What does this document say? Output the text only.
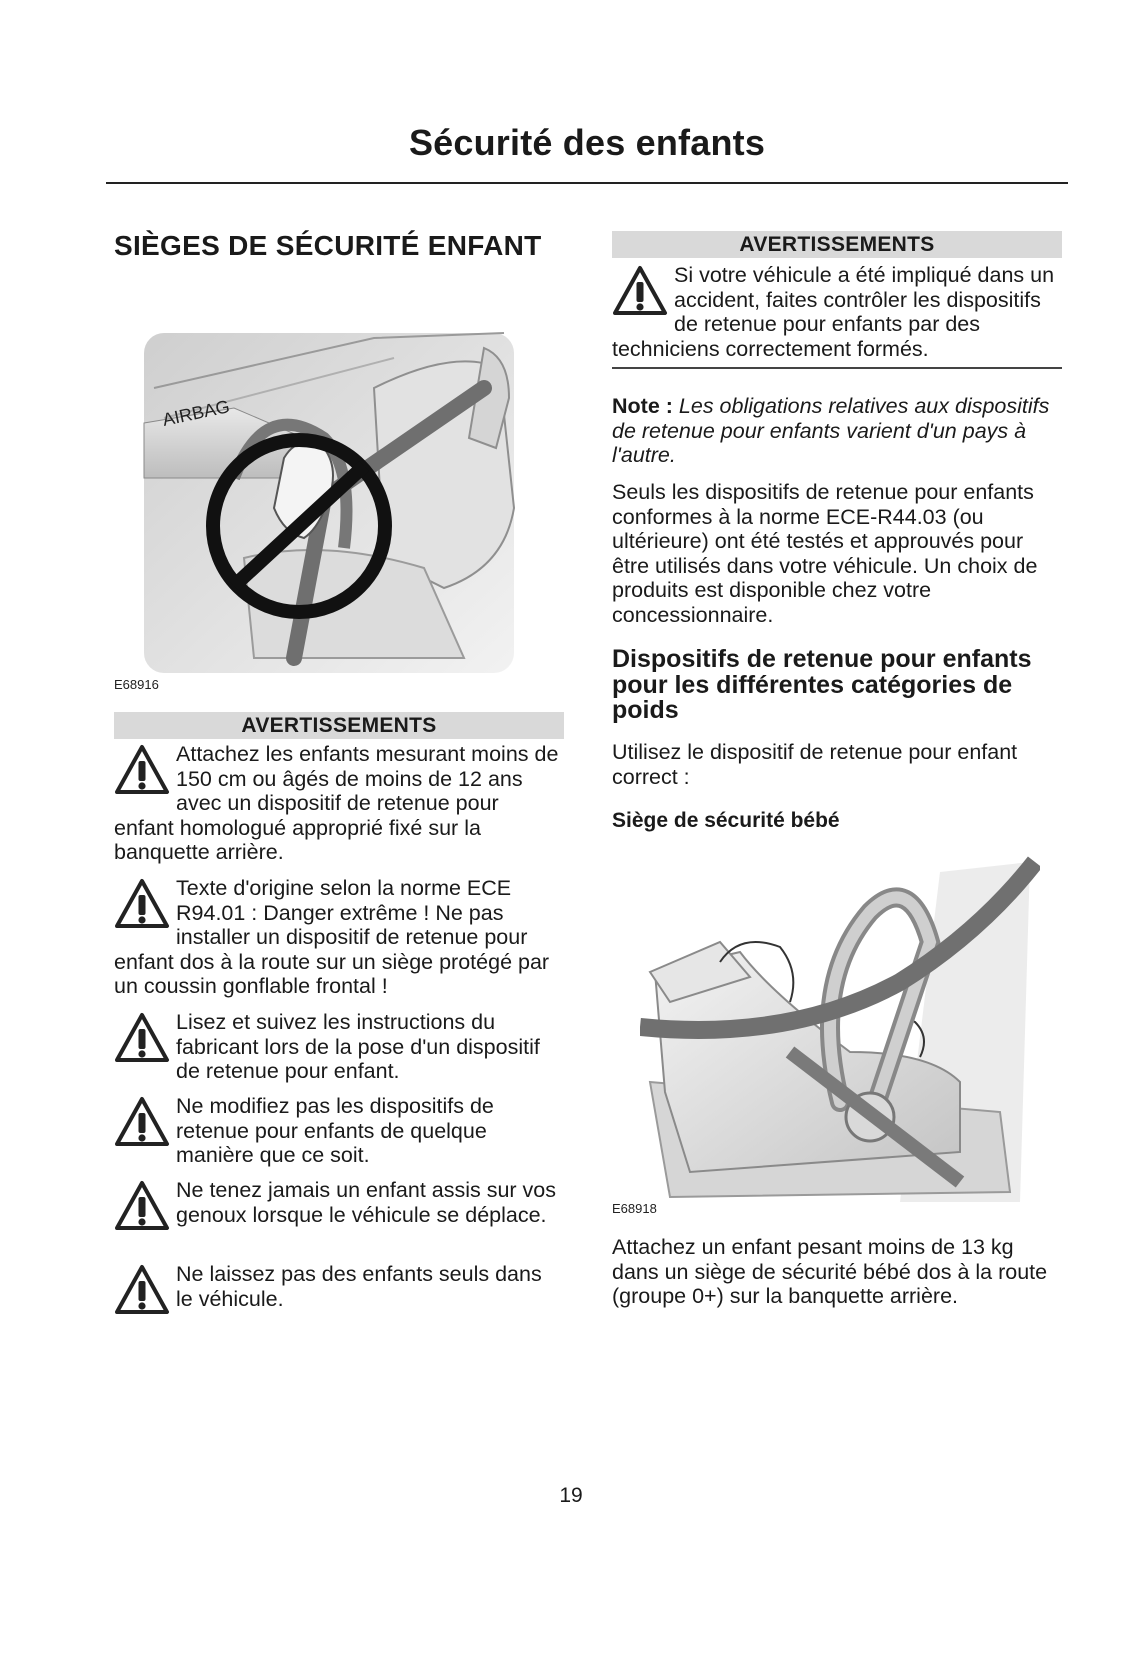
Sécurité des enfants
SIÈGES DE SÉCURITÉ ENFANT
AIRBAG
E68916
AVERTISSEMENTS
Attachez les enfants mesurant moins de 150 cm ou âgés de moins de 12 ans avec un dispositif de retenue pour enfant homologué approprié fixé sur la banquette arrière.
Texte d'origine selon la norme ECE R94.01 : Danger extrême ! Ne pas installer un dispositif de retenue pour enfant dos à la route sur un siège protégé par un coussin gonflable frontal !
Lisez et suivez les instructions du fabricant lors de la pose d'un dispositif de retenue pour enfant.
Ne modifiez pas les dispositifs de retenue pour enfants de quelque manière que ce soit.
Ne tenez jamais un enfant assis sur vos genoux lorsque le véhicule se déplace.
Ne laissez pas des enfants seuls dans le véhicule.
AVERTISSEMENTS
Si votre véhicule a été impliqué dans un accident, faites contrôler les dispositifs de retenue pour enfants par des techniciens correctement formés.
Note : Les obligations relatives aux dispositifs de retenue pour enfants varient d'un pays à l'autre.
Seuls les dispositifs de retenue pour enfants conformes à la norme ECE-R44.03 (ou ultérieure) ont été testés et approuvés pour être utilisés dans votre véhicule. Un choix de produits est disponible chez votre concessionnaire.
Dispositifs de retenue pour enfants pour les différentes catégories de poids
Utilisez le dispositif de retenue pour enfant correct :
Siège de sécurité bébé
E68918
Attachez un enfant pesant moins de 13 kg dans un siège de sécurité bébé dos à la route (groupe 0+) sur la banquette arrière.
19
